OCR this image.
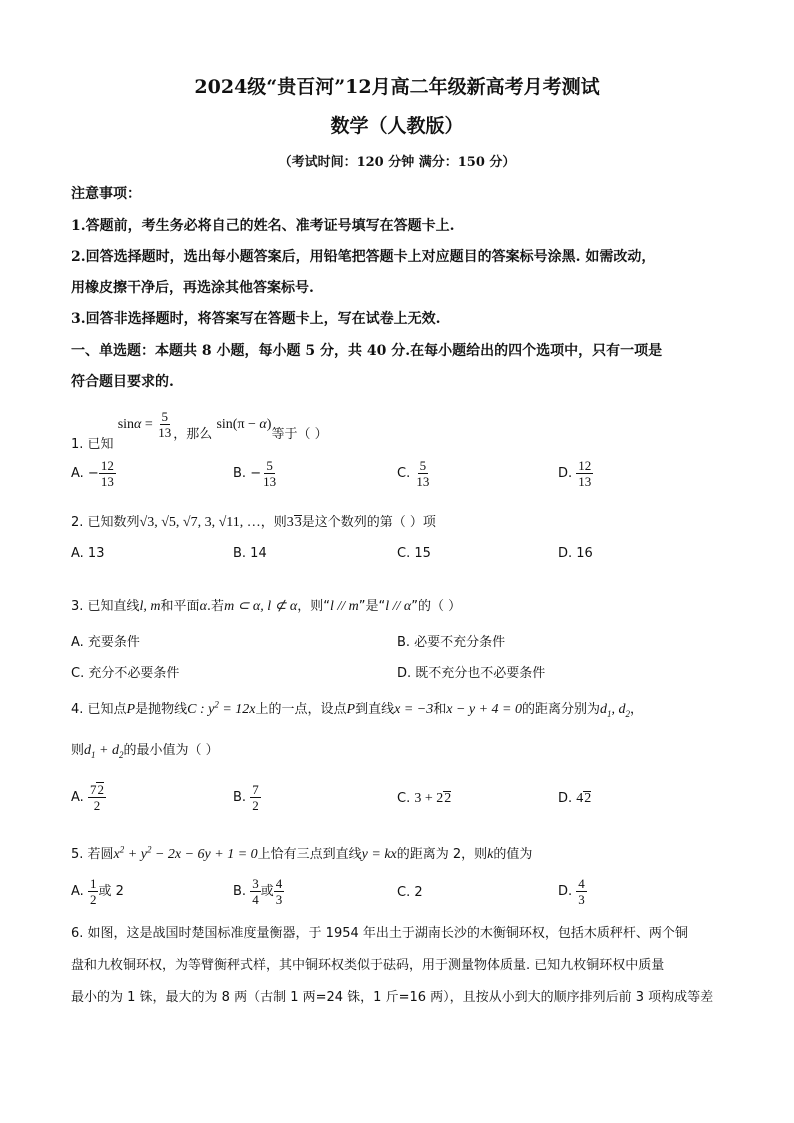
2024级“贵百河”12月高二年级新高考月考测试
数学（人教版）
（考试时间：120 分钟 满分：150 分）
注意事项：
1.答题前，考生务必将自己的姓名、准考证号填写在答题卡上.
2.回答选择题时，选出每小题答案后，用铅笔把答题卡上对应题目的答案标号涂黑. 如需改动，
用橡皮擦干净后，再选涂其他答案标号.
3.回答非选择题时，将答案写在答题卡上，写在试卷上无效.
一、单选题：本题共 8 小题，每小题 5 分，共 40 分.在每小题给出的四个选项中，只有一项是
符合题目要求的.
1. 已知 $\sin\alpha = \frac{5}{13}$ ，那么 sin(π − α)等于（ ）
A. − $\frac{12}{13}$	B. − $\frac{5}{13}$	C. $\frac{5}{13}$	D. $\frac{12}{13}$
2. 已知数列√3, √5, √7, 3, √11, …，则33是这个数列的第（ ）项
A. 13	B. 14	C. 15	D. 16
3. 已知直线l, m和平面α.若m ⊂ α, l ⊄ α，则“l // m”是“l // α”的（ ）
A. 充要条件	B. 必要不充分条件
C. 充分不必要条件	D. 既不充分也不必要条件
4. 已知点P是抛物线C : $y^2 = 12x$上的一点，设点P到直线x = −3和x − y + 4 = 0的距离分别为$d_1$, $d_2$，
则$d_1 + d_2$的最小值为（ ）
A. $\frac{72}{2}$	B. $\frac{7}{2}$	C. 3 + 22	D. 42
5. 若圆$x^2 + y^2 - 2x - 6y + 1 = 0$上恰有三点到直线y = kx的距离为 2，则k的值为
A. $\frac{1}{2}$ 或 2	B. $\frac{3}{4}$ 或 $\frac{4}{3}$	C. 2	D. $\frac{4}{3}$
6. 如图，这是战国时楚国标准度量衡器，于 1954 年出土于湖南长沙的木衡铜环权，包括木质秤杆、两个铜
盘和九枚铜环权，为等臂衡秤式样，其中铜环权类似于砝码，用于测量物体质量. 已知九枚铜环权中质量
最小的为 1 铢，最大的为 8 两（古制 1 两=24 铢，1 斤=16 两），且按从小到大的顺序排列后前 3 项构成等差
